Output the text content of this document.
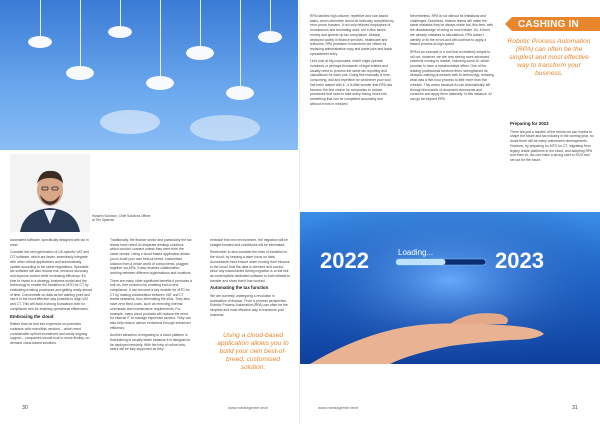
CASHING IN
Hussein Solomon, Chief Solutions Officer at Tier Systems

automated software, specifically designed with tax in mind.

Consider the next generation of UK-specific VAT and CIT software, which are faster, seamlessly integrate with other critical applications and automatically update according to the latest regulations. Specialist tax software will also reduce risk, enhance accuracy and improve control while increasing efficiency. It's time to invest in a strategy, business model and the technology to enable the transition to MTD for CT by evaluating existing processes and getting ready ahead of time. Concentrate on data as the starting point and use it in the most effective way possible to align VAT and CT. This will build a strong foundation both for compliance and for enabling operational efficiencies.

Embracing the cloud

Rather than be tied into expensive on-premises contracts with monolithic vendors – which need considerable upfront investment and costly ongoing support – companies should look to move flexibly, on-demand cloud-based solutions.

Traditionally, the finance sector and particularly the tax teams have relied on disparate desktop solutions which couldn't connect unless they were from the same vendor. Using a cloud-based application allows you to build your own best-of-breed, customised solution from a whole world of components, plugged together via APIs. It also enables collaboration working between different organisations and locations.

There are many other significant benefits it promotes a bolt-on, free evolution by enabling end-to-end compliance. It can become a key enabler for MTD for CT by making collaboration between VAT and CT teams seamless, thus eliminating the silos. They also have zero fixed costs, such as removing internal overheads and maintenance requirements. For example, many cloud products will replace the need for internal IT to manage expensive servers. They can also help reduce carbon emissions through enhanced efficiency.

Another attraction of migrating to a cloud platform is that training is usually faster because it is designed to be deployed remotely. With the help of online bots, users will be fully supported as they

embrace this new environment, the migration will be straight-forward and roadblocks will be eliminated.

Remember to also consider the risks of transition to the cloud, by keeping a laser focus on data. Accountants must ensure when moving from inhouse to the cloud, that the data is checked and correct, since any inaccuracies during migration is a real risk as contemptible dedicated software to both reliable to transfer and show that it has worked.

Automating the tax function

We are currently undergoing a revolution in automation of finance. From a process perspective, Robotic Process Automation (RPA) can often be the simplest and most effective way to transform your business.

Using a cloud-based application allows you to build your own best-of-breed, customised solution.
30	www.mediagenter.tech

RPA handles high-volume, repetitive and rule-based tasks, which otherwise would be tediously completed by error-prone humans. It not only relieves employees of monotonous and frustrating work, but it also saves money and speeds up tax compliance. Already deployed widely in finance services, healthcare and telecoms, RPA promises to transform tax offices by replacing administrative copy and paste jobs and basic spreadsheet entry.

Let's look at big corporates, which might operate hundreds or perhaps thousands of legal entities and usually need to process the same tax reporting and calculations for each one. Doing this manually is time-consuming, dull and repetitive for whichever poor soul has been tasked with it - it is little wonder that RPA has become the first choice for companies to reduce processes that used to take many boring hours into something that can be completed accurately and without errors in minutes!

Nevertheless, RPA is not without its limitations and challenges. Doubtless, finance teams will make the same mistakes they've always made but, this time, with the disadvantage of doing so much faster. So, if there are already mistakes in calculations, RPA doesn't identify or fix the errors and will continue to apply a flawed process at high speed.

RPA is an example of a tool that is relatively simple to roll out; however, we are now seeing more advanced solutions coming to market, including some AI, which promise to have a transformative effect. One of the leading professional services firms' strengthened its decision-making processes with AI technology, reducing what was a five-hour process to little more than five minutes. This works because AI can automatically sift through thousands of document documents and consume and apply them rationally. In this instance, AI can go far beyond RPA.

Robotic Process Automation (RPA) can often be the simplest and most effective way to transform your business.
Preparing for 2023

There are just a handful of the trends we can expect to shape the future and tax industry in the coming year, no doubt there will be many unforeseen developments. However, by preparing for MTD for CT, migrating from legacy onsite platforms to the cloud, and adopting RPA and even AI, tax can make a strong start to 2023 and set out for the future.

Loading...
2022	2023
www.mediagenter.tech	31
